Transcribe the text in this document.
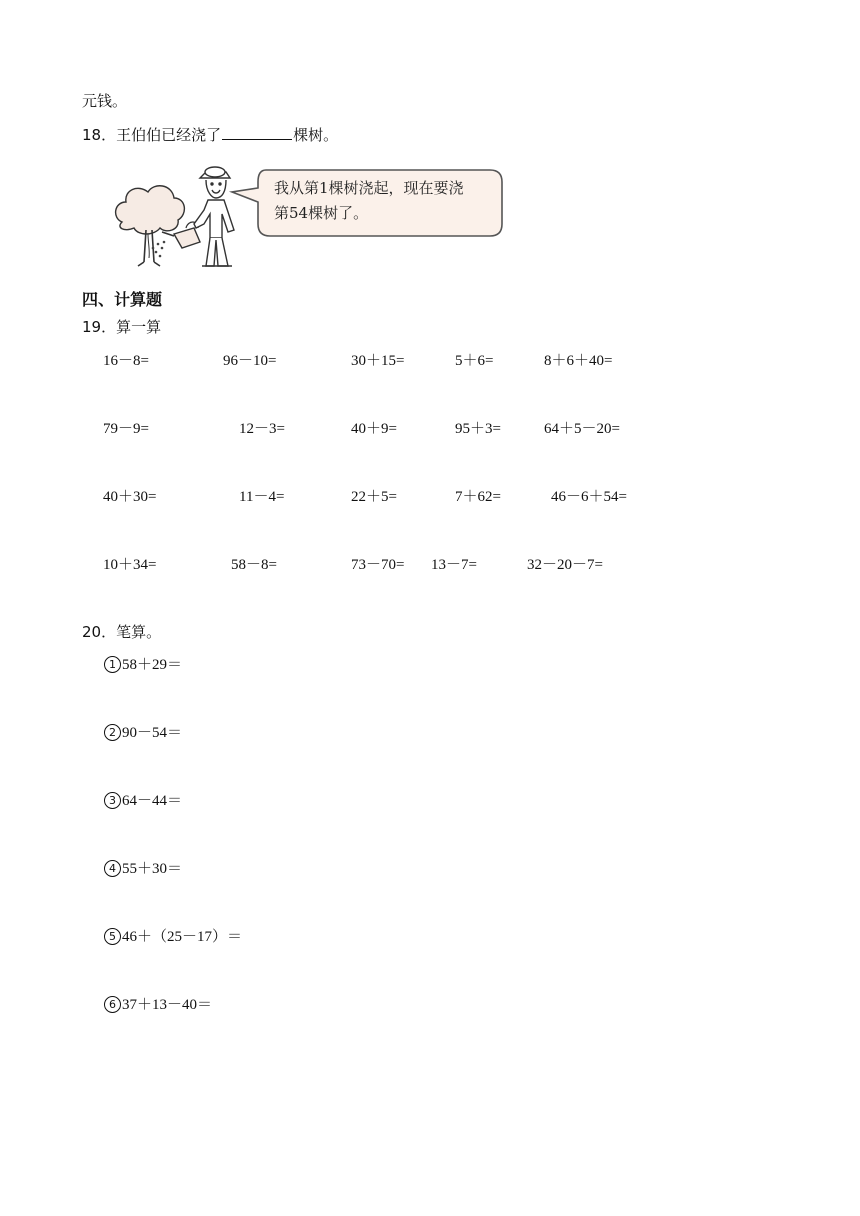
元钱。
18．王伯伯已经浇了	棵树。
我从第1棵树浇起，现在要浇
第54棵树了。
四、计算题
19．算一算
16－8=	96－10=	30＋15=	5＋6=	8＋6＋40=
79－9=	12－3=	40＋9=	95＋3=	64＋5－20=
40＋30=	11－4=	22＋5=	7＋62=	46－6＋54=
10＋34=	58－8=	73－70= 13－7=	32－20－7=
20．笔算。
1 58＋29＝
2 90－54＝
3 64－44＝
4 55＋30＝
5 46＋（25－17）＝
6 37＋13－40＝
